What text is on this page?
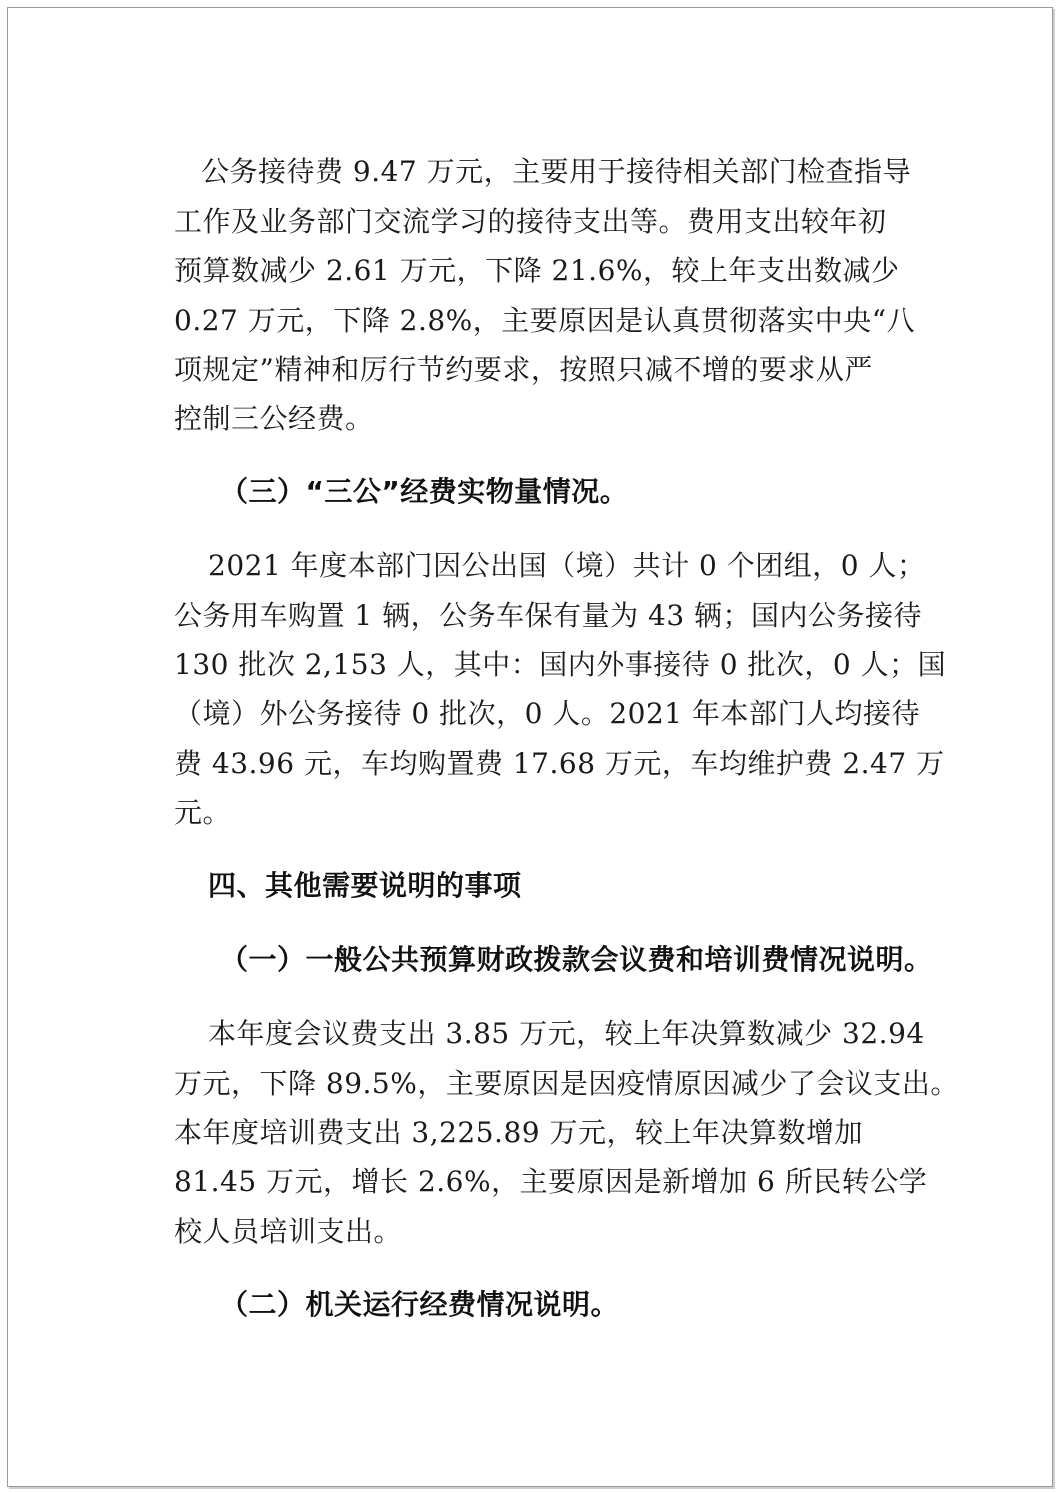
公务接待费 9.47 万元，主要用于接待相关部门检查指导

工作及业务部门交流学习的接待支出等。费用支出较年初

预算数减少 2.61 万元，下降 21.6%，较上年支出数减少

0.27 万元，下降 2.8%，主要原因是认真贯彻落实中央“八

项规定”精神和厉行节约要求，按照只减不增的要求从严

控制三公经费。

（三）“三公”经费实物量情况。

2021 年度本部门因公出国（境）共计 0 个团组，0 人；

公务用车购置 1 辆，公务车保有量为 43 辆；国内公务接待

130 批次 2,153 人，其中：国内外事接待 0 批次，0 人；国

（境）外公务接待 0 批次，0 人。2021 年本部门人均接待

费 43.96 元，车均购置费 17.68 万元，车均维护费 2.47 万

元。

四、其他需要说明的事项

（一）一般公共预算财政拨款会议费和培训费情况说明。

本年度会议费支出 3.85 万元，较上年决算数减少 32.94

万元，下降 89.5%，主要原因是因疫情原因减少了会议支出。

本年度培训费支出 3,225.89 万元，较上年决算数增加

81.45 万元，增长 2.6%，主要原因是新增加 6 所民转公学

校人员培训支出。

（二）机关运行经费情况说明。
